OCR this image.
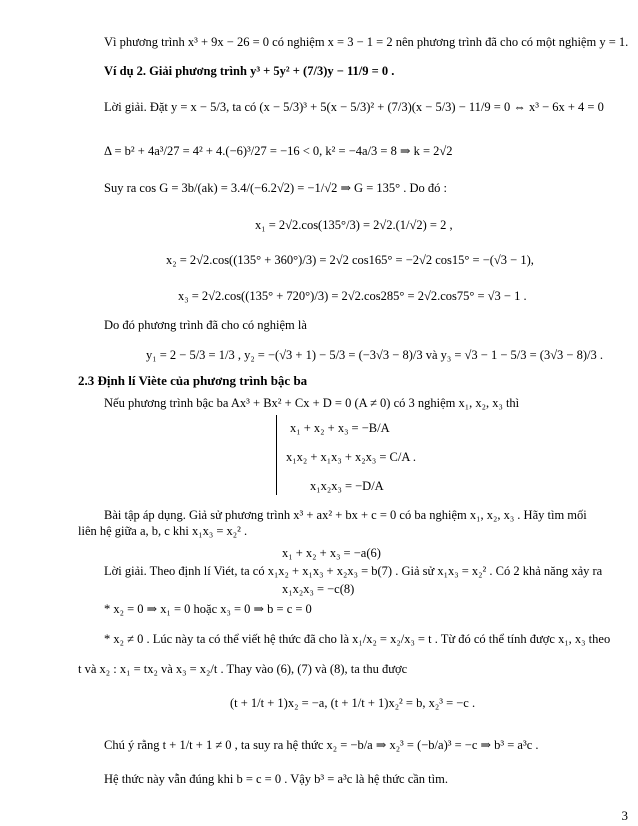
Vì phương trình x³ + 9x − 26 = 0 có nghiệm x = 3 − 1 = 2 nên phương trình đã cho có một nghiệm y = 1.
Ví dụ 2. Giải phương trình y³ + 5y² + (7/3)y − 11/9 = 0 .
Lời giải. Đặt y = x − 5/3, ta có (x − 5/3)³ + 5(x − 5/3)² + (7/3)(x − 5/3) − 11/9 = 0 ⇔ x³ − 6x + 4 = 0
Δ = b² + 4a³/27 = 4² + 4.(−6)³/27 = −16 < 0, k² = −4a/3 = 8 ⇒ k = 2√2
Suy ra cos G = 3b/(ak) = 3.4/(−6.2√2) = −1/√2 ⇒ G = 135° . Do đó :
x₁ = 2√2.cos(135°/3) = 2√2.(1/√2) = 2 ,
x₂ = 2√2.cos((135° + 360°)/3) = 2√2 cos165° = −2√2 cos15° = −(√3 − 1),
x₃ = 2√2.cos((135° + 720°)/3) = 2√2.cos285° = 2√2.cos75° = √3 − 1 .
Do đó phương trình đã cho có nghiệm là
y₁ = 2 − 5/3 = 1/3 , y₂ = −(√3 + 1) − 5/3 = (−3√3 − 8)/3 và y₃ = √3 − 1 − 5/3 = (3√3 − 8)/3 .
2.3 Định lí Viète của phương trình bậc ba
Nếu phương trình bậc ba Ax³ + Bx² + Cx + D = 0 (A ≠ 0) có 3 nghiệm x₁, x₂, x₃ thì
x₁ + x₂ + x₃ = −B/A
x₁x₂ + x₁x₃ + x₂x₃ = C/A .
x₁x₂x₃ = −D/A
Bài tập áp dụng. Giả sử phương trình x³ + ax² + bx + c = 0 có ba nghiệm x₁, x₂, x₃ . Hãy tìm mối
liên hệ giữa a, b, c khi x₁x₃ = x₂² .
x₁ + x₂ + x₃ = −a(6)
Lời giải. Theo định lí Viét, ta có x₁x₂ + x₁x₃ + x₂x₃ = b(7) . Giả sử x₁x₃ = x₂² . Có 2 khả năng xảy ra
x₁x₂x₃ = −c(8)
* x₂ = 0 ⇒ x₁ = 0 hoặc x₃ = 0 ⇒ b = c = 0
* x₂ ≠ 0 . Lúc này ta có thể viết hệ thức đã cho là x₁/x₂ = x₂/x₃ = t . Từ đó có thể tính được x₁, x₃ theo
t và x₂ : x₁ = tx₂ và x₃ = x₂/t . Thay vào (6), (7) và (8), ta thu được
(t + 1/t + 1)x₂ = −a, (t + 1/t + 1)x₂² = b, x₂³ = −c .
Chú ý rằng t + 1/t + 1 ≠ 0 , ta suy ra hệ thức x₂ = −b/a ⇒ x₂³ = (−b/a)³ = −c ⇒ b³ = a³c .
Hệ thức này vẫn đúng khi b = c = 0 . Vậy b³ = a³c là hệ thức cần tìm.
3
